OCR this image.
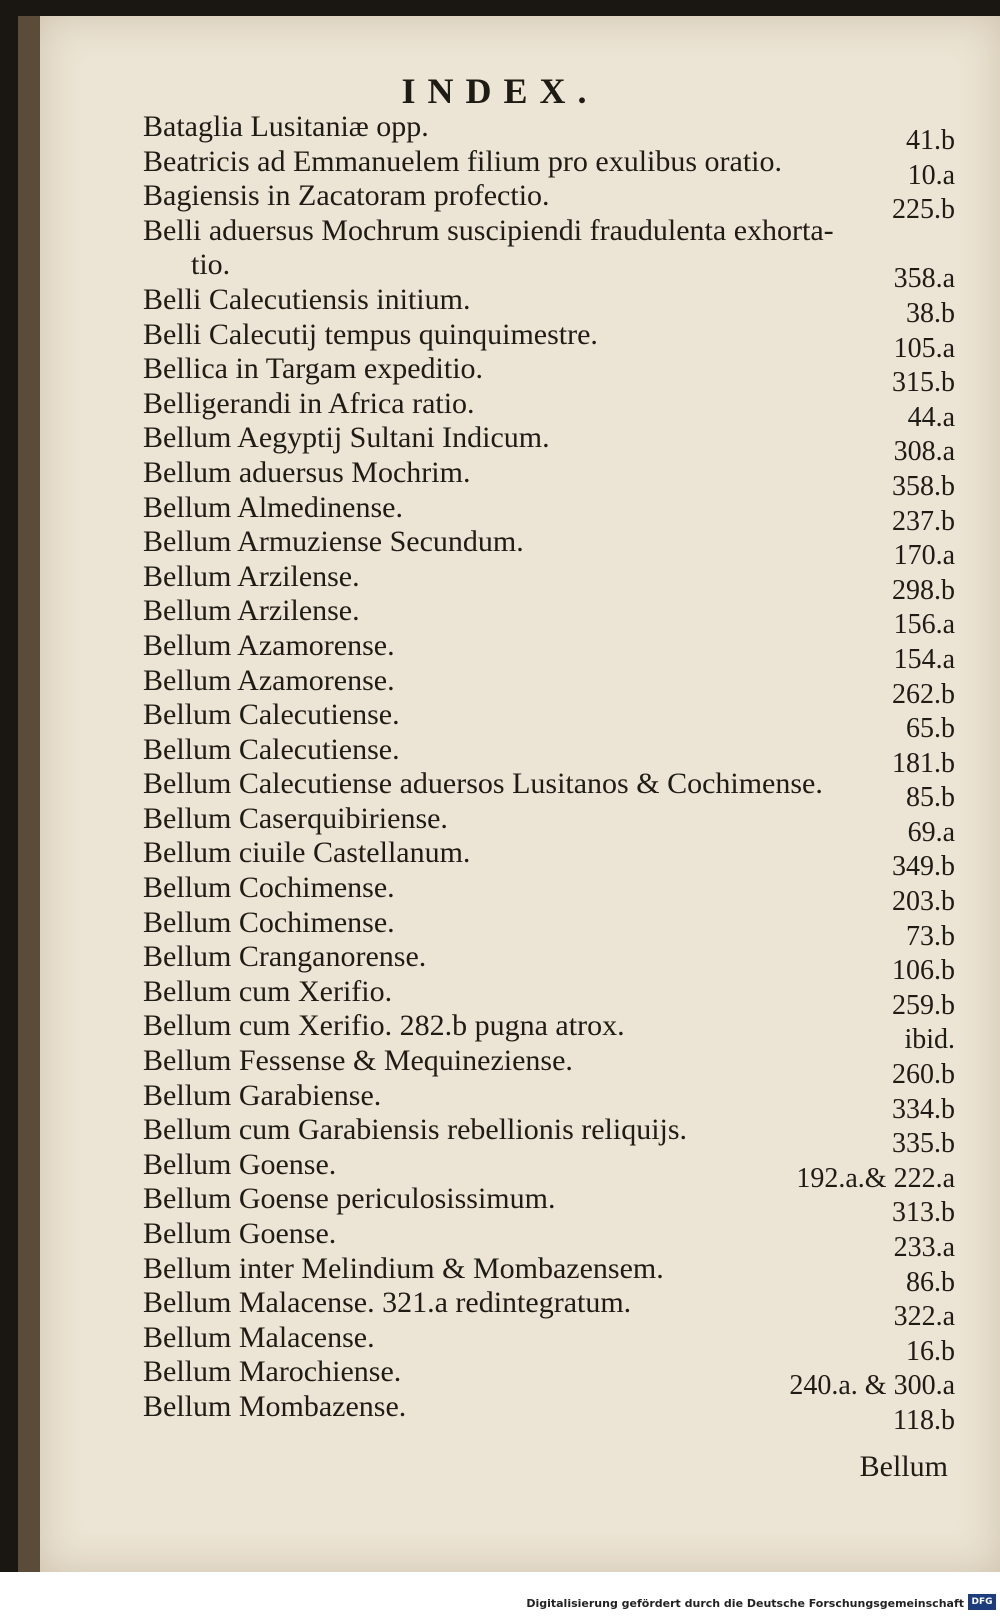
INDEX.
Bataglia Lusitaniæ opp.	41.b
Beatricis ad Emmanuelem filium pro exulibus oratio.	10.a
Bagiensis in Zacatoram profectio.	225.b
Belli aduersus Mochrum suscipiendi fraudulenta exhorta-
tio.	358.a
Belli Calecutiensis initium.	38.b
Belli Calecutij tempus quinquimestre.	105.a
Bellica in Targam expeditio.	315.b
Belligerandi in Africa ratio.	44.a
Bellum Aegyptij Sultani Indicum.	308.a
Bellum aduersus Mochrim.	358.b
Bellum Almedinense.	237.b
Bellum Armuziense Secundum.	170.a
Bellum Arzilense.	298.b
Bellum Arzilense.	156.a
Bellum Azamorense.	154.a
Bellum Azamorense.	262.b
Bellum Calecutiense.	65.b
Bellum Calecutiense.	181.b
Bellum Calecutiense aduersos Lusitanos & Cochimense.	85.b
Bellum Caserquibiriense.	69.a
Bellum ciuile Castellanum.	349.b
Bellum Cochimense.	203.b
Bellum Cochimense.	73.b
Bellum Cranganorense.	106.b
Bellum cum Xerifio.	259.b
Bellum cum Xerifio. 282.b pugna atrox.	ibid.
Bellum Fessense & Mequineziense.	260.b
Bellum Garabiense.	334.b
Bellum cum Garabiensis rebellionis reliquijs.	335.b
Bellum Goense.	192.a.& 222.a
Bellum Goense periculosissimum.	313.b
Bellum Goense.	233.a
Bellum inter Melindium & Mombazensem.	86.b
Bellum Malacense. 321.a redintegratum.	322.a
Bellum Malacense.	16.b
Bellum Marochiense.	240.a. & 300.a
Bellum Mombazense.	118.b
Bellum
Digitalisierung gefördert durch die Deutsche Forschungsgemeinschaft DFG
